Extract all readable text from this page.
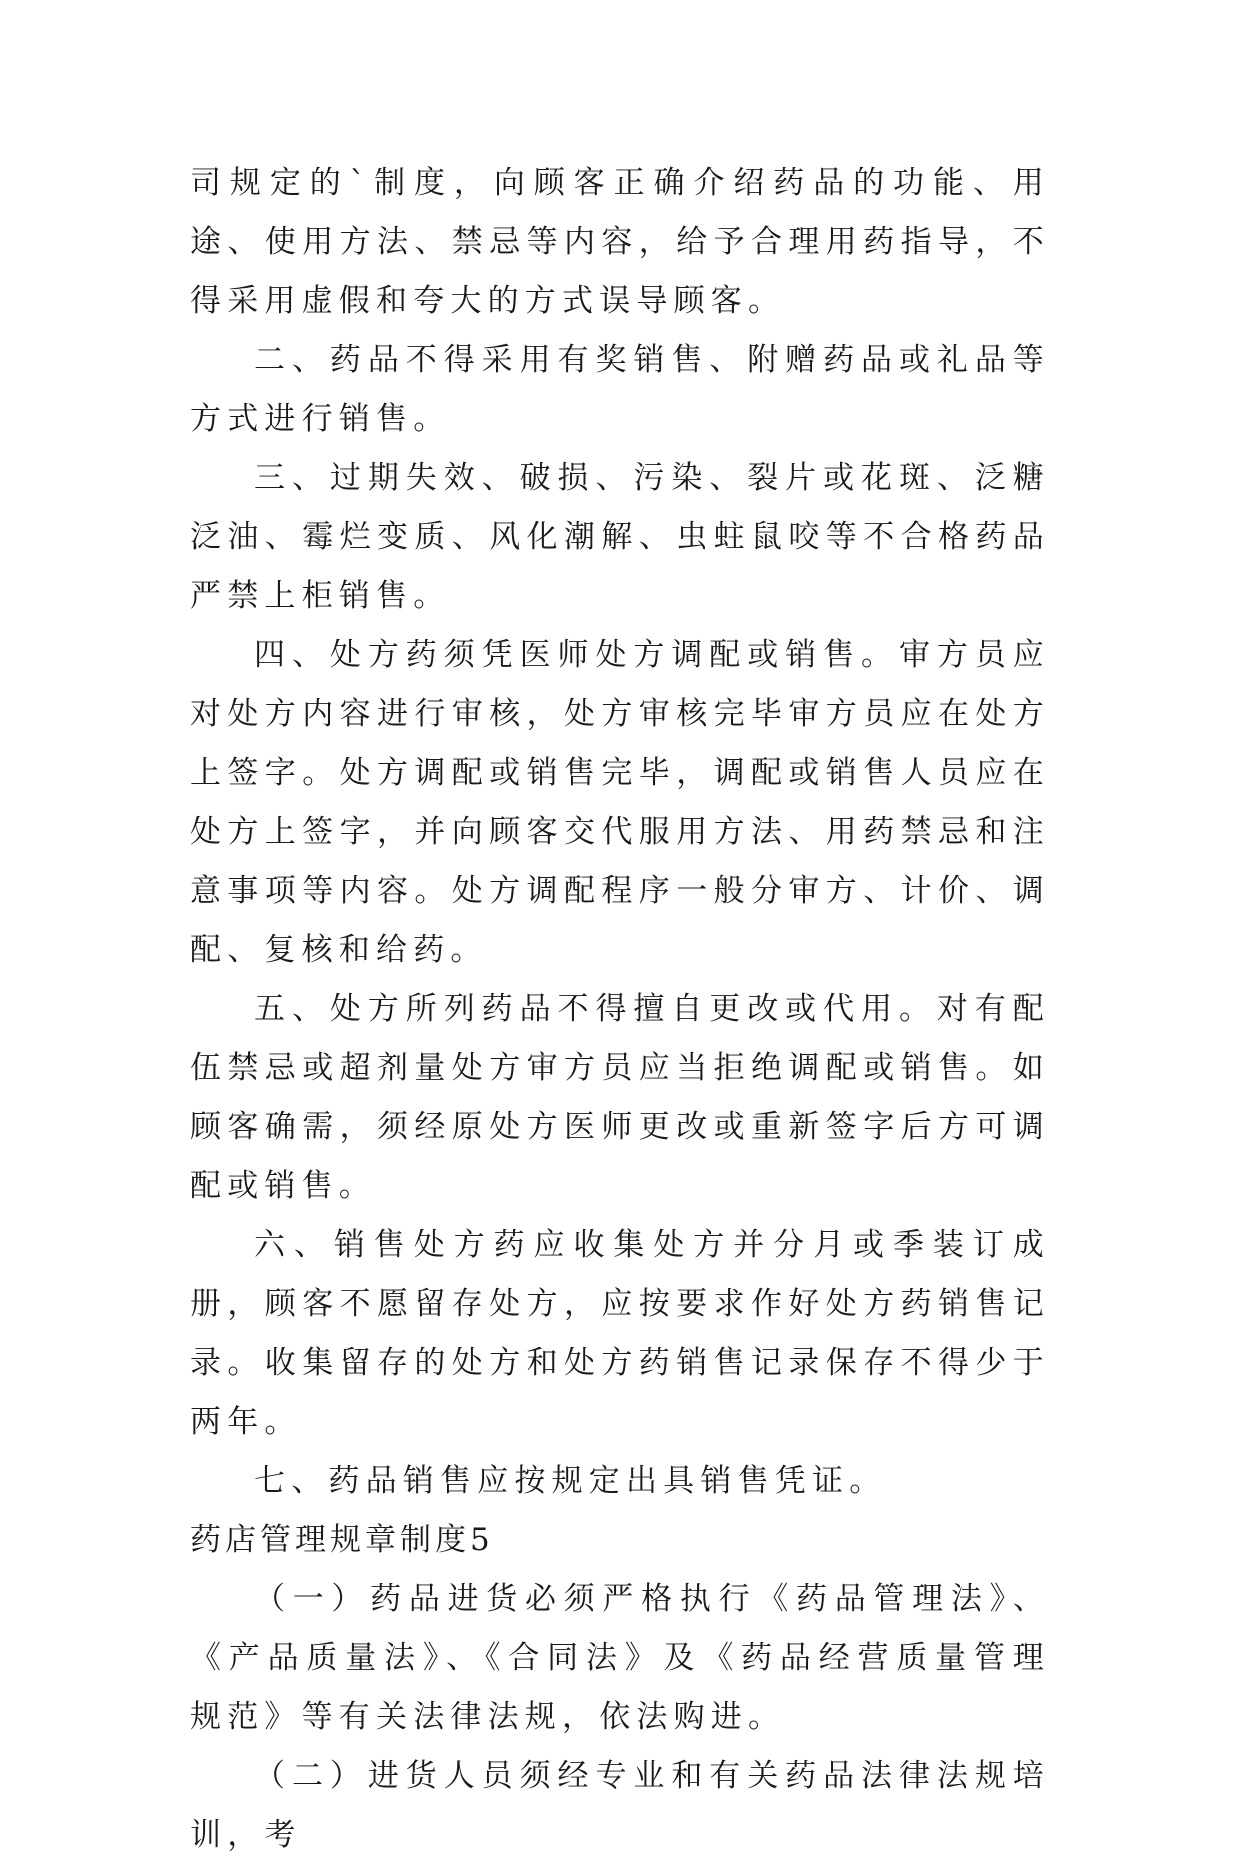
司规定的`制度，向顾客正确介绍药品的功能、用途、使用方法、禁忌等内容，给予合理用药指导，不得采用虚假和夸大的方式误导顾客。

二、药品不得采用有奖销售、附赠药品或礼品等方式进行销售。

三、过期失效、破损、污染、裂片或花斑、泛糖泛油、霉烂变质、风化潮解、虫蛀鼠咬等不合格药品严禁上柜销售。

四、处方药须凭医师处方调配或销售。审方员应对处方内容进行审核，处方审核完毕审方员应在处方上签字。处方调配或销售完毕，调配或销售人员应在处方上签字，并向顾客交代服用方法、用药禁忌和注意事项等内容。处方调配程序一般分审方、计价、调配、复核和给药。

五、处方所列药品不得擅自更改或代用。对有配伍禁忌或超剂量处方审方员应当拒绝调配或销售。如顾客确需，须经原处方医师更改或重新签字后方可调配或销售。

六、销售处方药应收集处方并分月或季装订成册，顾客不愿留存处方，应按要求作好处方药销售记录。收集留存的处方和处方药销售记录保存不得少于两年。

七、药品销售应按规定出具销售凭证。

药店管理规章制度5

（一）药品进货必须严格执行《药品管理法》、《产品质量法》、《合同法》及《药品经营质量管理规范》等有关法律法规，依法购进。

（二）进货人员须经专业和有关药品法律法规培训，考
